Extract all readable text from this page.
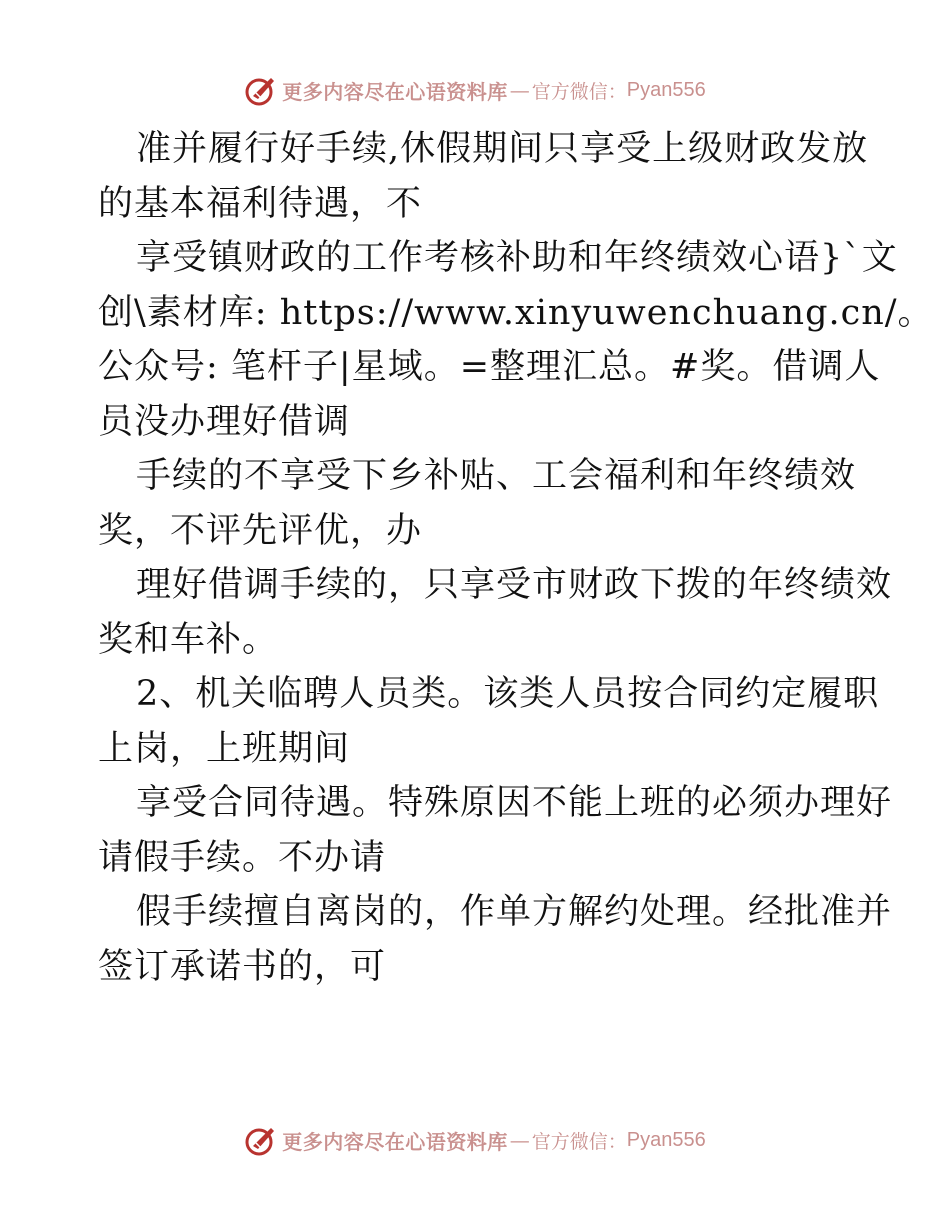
更多内容尽在心语资料库 — 官方微信： Pyan556
准并履行好手续,休假期间只享受上级财政发放
的基本福利待遇，不
享受镇财政的工作考核补助和年终绩效心语}`文
创\素材库: https://www.xinyuwenchuang.cn/。
公众号: 笔杆子|星域。=整理汇总。#奖。借调人
员没办理好借调
手续的不享受下乡补贴、工会福利和年终绩效
奖，不评先评优，办
理好借调手续的，只享受市财政下拨的年终绩效
奖和车补。
2、机关临聘人员类。该类人员按合同约定履职
上岗，上班期间
享受合同待遇。特殊原因不能上班的必须办理好
请假手续。不办请
假手续擅自离岗的，作单方解约处理。经批准并
签订承诺书的，可
更多内容尽在心语资料库 — 官方微信： Pyan556
